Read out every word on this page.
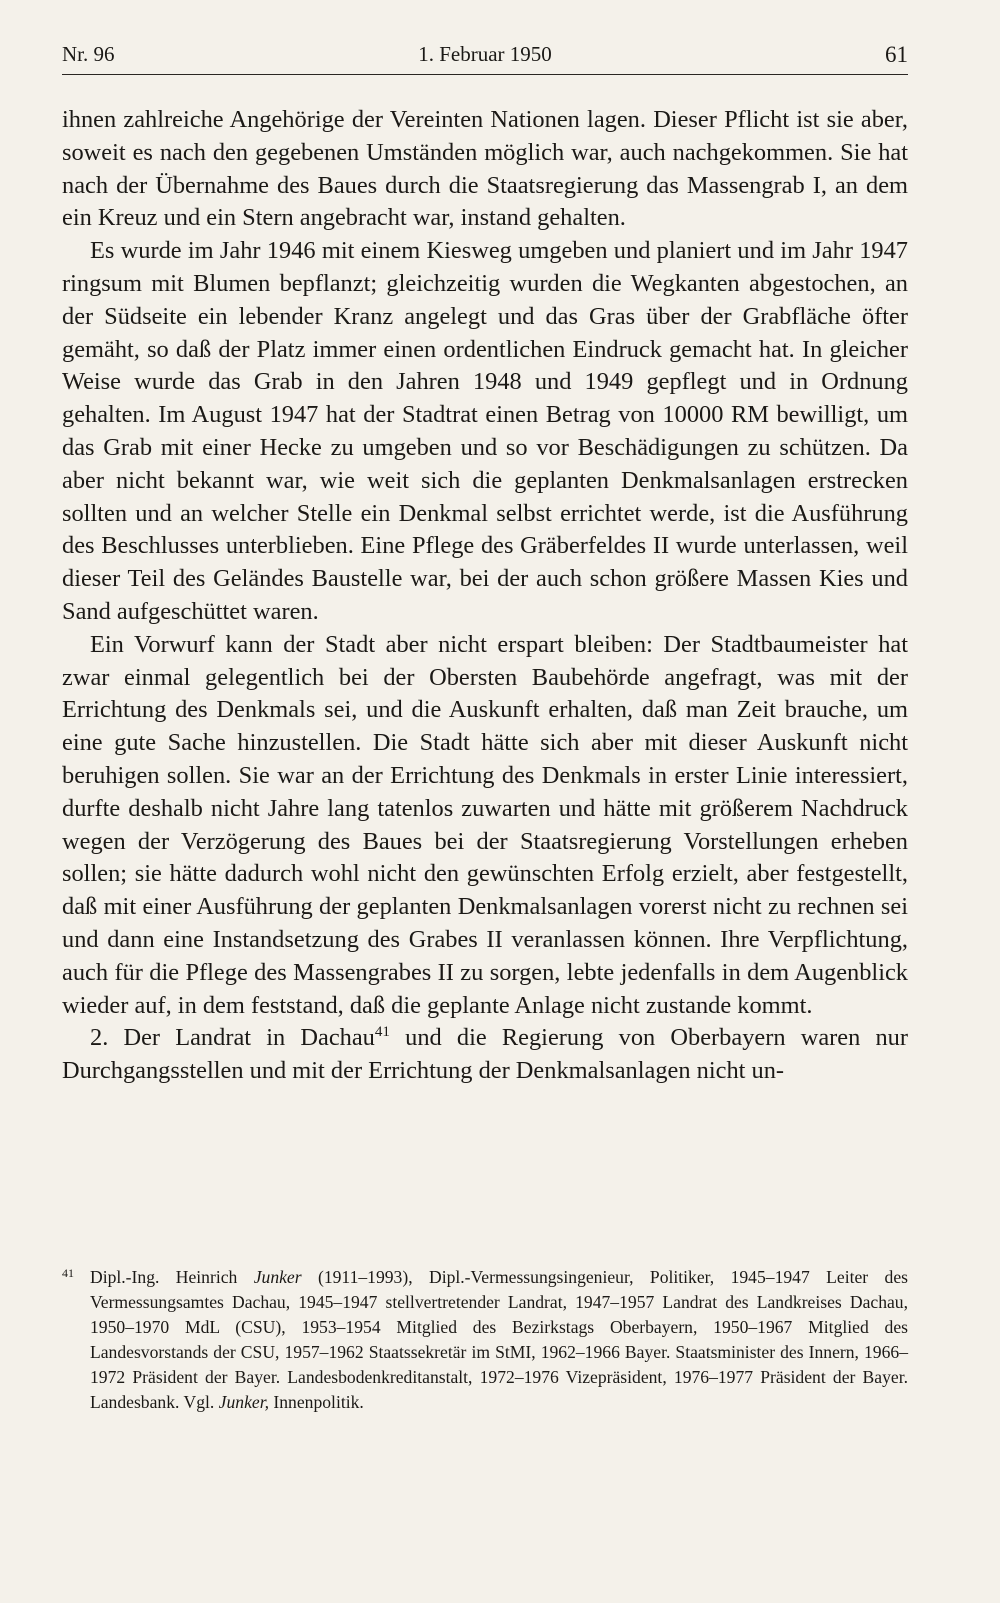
Nr. 96	1. Februar 1950	61

ihnen zahlreiche Angehörige der Vereinten Nationen lagen. Dieser Pflicht ist sie aber, soweit es nach den gegebenen Umständen möglich war, auch nachgekommen. Sie hat nach der Übernahme des Baues durch die Staatsregierung das Massengrab I, an dem ein Kreuz und ein Stern angebracht war, instand gehalten.

Es wurde im Jahr 1946 mit einem Kiesweg umgeben und planiert und im Jahr 1947 ringsum mit Blumen bepflanzt; gleichzeitig wurden die Wegkanten abgestochen, an der Südseite ein lebender Kranz angelegt und das Gras über der Grabfläche öfter gemäht, so daß der Platz immer einen ordentlichen Eindruck gemacht hat. In gleicher Weise wurde das Grab in den Jahren 1948 und 1949 gepflegt und in Ordnung gehalten. Im August 1947 hat der Stadtrat einen Betrag von 10000 RM bewilligt, um das Grab mit einer Hecke zu umgeben und so vor Beschädigungen zu schützen. Da aber nicht bekannt war, wie weit sich die geplanten Denkmalsanlagen erstrecken sollten und an welcher Stelle ein Denkmal selbst errichtet werde, ist die Ausführung des Beschlusses unterblieben. Eine Pflege des Gräberfeldes II wurde unterlassen, weil dieser Teil des Geländes Baustelle war, bei der auch schon größere Massen Kies und Sand aufgeschüttet waren.

Ein Vorwurf kann der Stadt aber nicht erspart bleiben: Der Stadtbaumeister hat zwar einmal gelegentlich bei der Obersten Baubehörde angefragt, was mit der Errichtung des Denkmals sei, und die Auskunft erhalten, daß man Zeit brauche, um eine gute Sache hinzustellen. Die Stadt hätte sich aber mit dieser Auskunft nicht beruhigen sollen. Sie war an der Errichtung des Denkmals in erster Linie interessiert, durfte deshalb nicht Jahre lang tatenlos zuwarten und hätte mit größerem Nachdruck wegen der Verzögerung des Baues bei der Staatsregierung Vorstellungen erheben sollen; sie hätte dadurch wohl nicht den gewünschten Erfolg erzielt, aber festgestellt, daß mit einer Ausführung der geplanten Denkmalsanlagen vorerst nicht zu rechnen sei und dann eine Instandsetzung des Grabes II veranlassen können. Ihre Verpflichtung, auch für die Pflege des Massengrabes II zu sorgen, lebte jedenfalls in dem Augenblick wieder auf, in dem feststand, daß die geplante Anlage nicht zustande kommt.

2. Der Landrat in Dachau$^{41}$ und die Regierung von Oberbayern waren nur Durchgangsstellen und mit der Errichtung der Denkmalsanlagen nicht un-

41 Dipl.-Ing. Heinrich Junker (1911–1993), Dipl.-Vermessungsingenieur, Politiker, 1945–1947 Leiter des Vermessungsamtes Dachau, 1945–1947 stellvertretender Landrat, 1947–1957 Landrat des Landkreises Dachau, 1950–1970 MdL (CSU), 1953–1954 Mitglied des Bezirkstags Oberbayern, 1950–1967 Mitglied des Landesvorstands der CSU, 1957–1962 Staatssekretär im StMI, 1962–1966 Bayer. Staatsminister des Innern, 1966–1972 Präsident der Bayer. Landesbodenkreditanstalt, 1972–1976 Vizepräsident, 1976–1977 Präsident der Bayer. Landesbank. Vgl. Junker, Innenpolitik.
